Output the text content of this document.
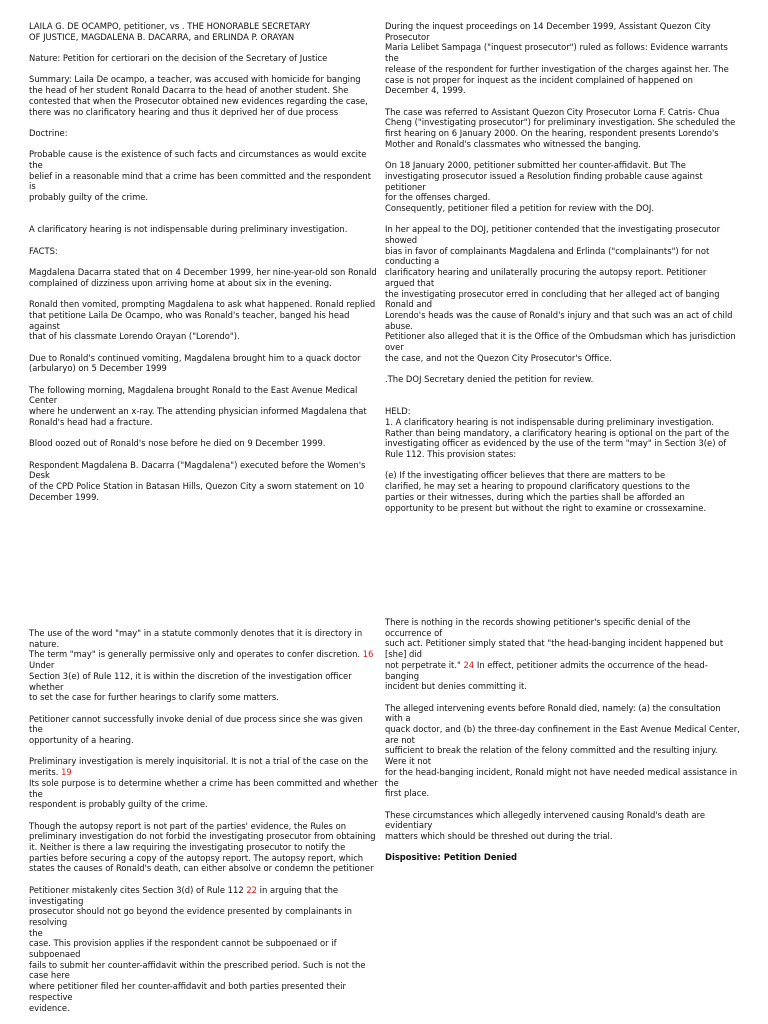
LAILA G. DE OCAMPO, petitioner, vs . THE HONORABLE SECRETARY
OF JUSTICE, MAGDALENA B. DACARRA, and ERLINDA P. ORAYAN

Nature: Petition for certiorari on the decision of the Secretary of Justice

Summary: Laila De ocampo, a teacher, was accused with homicide for banging
the head of her student Ronald Dacarra to the head of another student. She
contested that when the Prosecutor obtained new evidences regarding the case,
there was no clarificatory hearing and thus it deprived her of due process

Doctrine:

Probable cause is the existence of such facts and circumstances as would excite
the
belief in a reasonable mind that a crime has been committed and the respondent
is
probably guilty of the crime.

A clarificatory hearing is not indispensable during preliminary investigation.

FACTS:

Magdalena Dacarra stated that on 4 December 1999, her nine-year-old son Ronald
complained of dizziness upon arriving home at about six in the evening.

Ronald then vomited, prompting Magdalena to ask what happened. Ronald replied
that petitione Laila De Ocampo, who was Ronald's teacher, banged his head against
that of his classmate Lorendo Orayan ("Lorendo").

Due to Ronald's continued vomiting, Magdalena brought him to a quack doctor
(arbularyo) on 5 December 1999

The following morning, Magdalena brought Ronald to the East Avenue Medical Center
where he underwent an x-ray. The attending physician informed Magdalena that
Ronald's head had a fracture.

Blood oozed out of Ronald's nose before he died on 9 December 1999.

Respondent Magdalena B. Dacarra ("Magdalena") executed before the Women's Desk
of the CPD Police Station in Batasan Hills, Quezon City a sworn statement on 10
December 1999.

During the inquest proceedings on 14 December 1999, Assistant Quezon City
Prosecutor
Maria Lelibet Sampaga ("inquest prosecutor") ruled as follows: Evidence warrants the
release of the respondent for further investigation of the charges against her. The
case is not proper for inquest as the incident complained of happened on
December 4, 1999.

The case was referred to Assistant Quezon City Prosecutor Lorna F. Catris- Chua
Cheng ("investigating prosecutor") for preliminary investigation. She scheduled the
first hearing on 6 January 2000. On the hearing, respondent presents Lorendo's
Mother and Ronald's classmates who witnessed the banging.

On 18 January 2000, petitioner submitted her counter-affidavit. But The
investigating prosecutor issued a Resolution finding probable cause against petitioner
for the offenses charged.
Consequently, petitioner filed a petition for review with the DOJ.

In her appeal to the DOJ, petitioner contended that the investigating prosecutor
showed
bias in favor of complainants Magdalena and Erlinda ("complainants") for not
conducting a
clarificatory hearing and unilaterally procuring the autopsy report. Petitioner
argued that
the investigating prosecutor erred in concluding that her alleged act of banging
Ronald and
Lorendo's heads was the cause of Ronald's injury and that such was an act of child
abuse.
Petitioner also alleged that it is the Office of the Ombudsman which has jurisdiction
over
the case, and not the Quezon City Prosecutor's Office.

.The DOJ Secretary denied the petition for review.

HELD:

1. A clarificatory hearing is not indispensable during preliminary investigation.
Rather than being mandatory, a clarificatory hearing is optional on the part of the
investigating officer as evidenced by the use of the term "may" in Section 3(e) of
Rule 112. This provision states:

(e) If the investigating officer believes that there are matters to be
clarified, he may set a hearing to propound clarificatory questions to the
parties or their witnesses, during which the parties shall be afforded an
opportunity to be present but without the right to examine or crossexamine.

The use of the word "may" in a statute commonly denotes that it is directory in
nature.
The term "may" is generally permissive only and operates to confer discretion. 16
Under
Section 3(e) of Rule 112, it is within the discretion of the investigation officer
whether
to set the case for further hearings to clarify some matters.

Petitioner cannot successfully invoke denial of due process since she was given the
opportunity of a hearing.

Preliminary investigation is merely inquisitorial. It is not a trial of the case on the
merits. 19
Its sole purpose is to determine whether a crime has been committed and whether
the
respondent is probably guilty of the crime.

Though the autopsy report is not part of the parties' evidence, the Rules on
preliminary investigation do not forbid the investigating prosecutor from obtaining
it. Neither is there a law requiring the investigating prosecutor to notify the
parties before securing a copy of the autopsy report. The autopsy report, which
states the causes of Ronald's death, can either absolve or condemn the petitioner

Petitioner mistakenly cites Section 3(d) of Rule 112 22 in arguing that the
investigating
prosecutor should not go beyond the evidence presented by complainants in resolving
the
case. This provision applies if the respondent cannot be subpoenaed or if subpoenaed
fails to submit her counter-affidavit within the prescribed period. Such is not the
case here
where petitioner filed her counter-affidavit and both parties presented their
respective
evidence.

There is nothing in the records showing petitioner's specific denial of the
occurrence of
such act. Petitioner simply stated that "the head-banging incident happened but
[she] did
not perpetrate it." 24 In effect, petitioner admits the occurrence of the head-
banging
incident but denies committing it.

The alleged intervening events before Ronald died, namely: (a) the consultation with a
quack doctor, and (b) the three-day confinement in the East Avenue Medical Center,
are not
sufficient to break the relation of the felony committed and the resulting injury.
Were it not
for the head-banging incident, Ronald might not have needed medical assistance in the
first place.

These circumstances which allegedly intervened causing Ronald's death are
evidentiary
matters which should be threshed out during the trial.

Dispositive: Petition Denied
